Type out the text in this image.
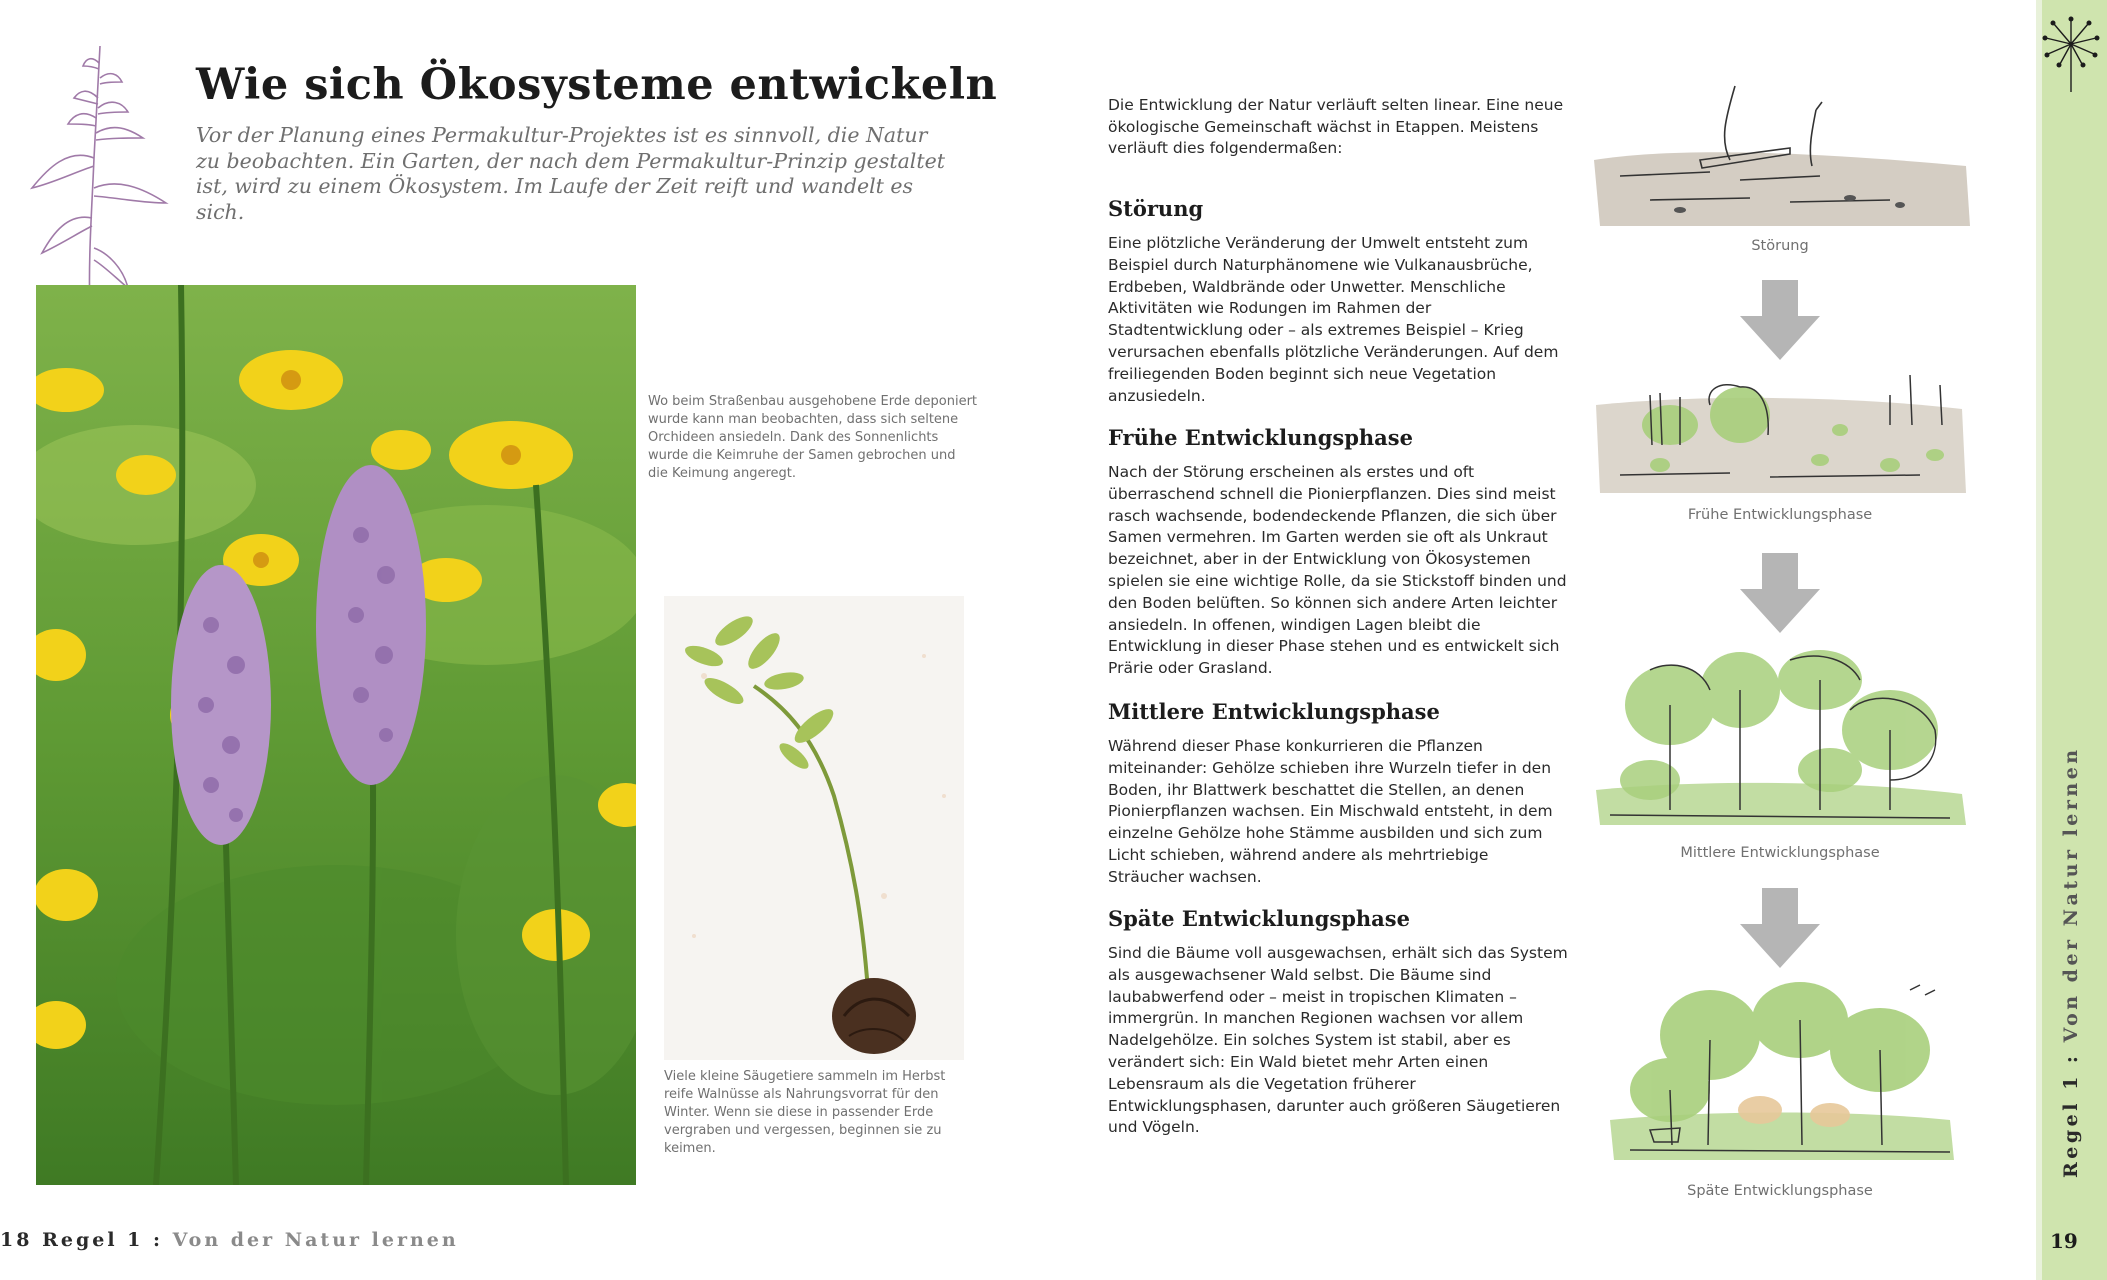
Wie sich Ökosysteme entwickeln
Vor der Planung eines Permakultur-Projektes ist es sinnvoll, die Natur zu beobachten. Ein Garten, der nach dem Permakultur-Prinzip gestaltet ist, wird zu einem Ökosystem. Im Laufe der Zeit reift und wandelt es sich.
Wo beim Straßenbau ausgehobene Erde deponiert wurde kann man beobachten, dass sich seltene Orchideen ansiedeln. Dank des Sonnenlichts wurde die Keimruhe der Samen gebrochen und die Keimung angeregt.
Viele kleine Säugetiere sammeln im Herbst reife Walnüsse als Nahrungsvorrat für den Winter. Wenn sie diese in passender Erde vergraben und vergessen, beginnen sie zu keimen.
18 Regel 1 : Von der Natur lernen
Die Entwicklung der Natur verläuft selten linear. Eine neue ökologische Gemeinschaft wächst in Etappen. Meistens verläuft dies folgendermaßen:
Störung
Eine plötzliche Veränderung der Umwelt entsteht zum Beispiel durch Naturphänomene wie Vulkanausbrüche, Erdbeben, Waldbrände oder Unwetter. Menschliche Aktivitäten wie Rodungen im Rahmen der Stadtentwicklung oder – als extremes Beispiel – Krieg verursachen ebenfalls plötzliche Veränderungen. Auf dem freiliegenden Boden beginnt sich neue Vegetation anzusiedeln.
Frühe Entwicklungsphase
Nach der Störung erscheinen als erstes und oft überraschend schnell die Pionierpflanzen. Dies sind meist rasch wachsende, bodendeckende Pflanzen, die sich über Samen vermehren. Im Garten werden sie oft als Unkraut bezeichnet, aber in der Entwicklung von Ökosystemen spielen sie eine wichtige Rolle, da sie Stickstoff binden und den Boden belüften. So können sich andere Arten leichter ansiedeln. In offenen, windigen Lagen bleibt die Entwicklung in dieser Phase stehen und es entwickelt sich Prärie oder Grasland.
Mittlere Entwicklungsphase
Während dieser Phase konkurrieren die Pflanzen miteinander: Gehölze schieben ihre Wurzeln tiefer in den Boden, ihr Blattwerk beschattet die Stellen, an denen Pionierpflanzen wachsen. Ein Mischwald entsteht, in dem einzelne Gehölze hohe Stämme ausbilden und sich zum Licht schieben, während andere als mehrtriebige Sträucher wachsen.
Späte Entwicklungsphase
Sind die Bäume voll ausgewachsen, erhält sich das System als ausgewachsener Wald selbst. Die Bäume sind laubabwerfend oder – meist in tropischen Klimaten – immergrün. In manchen Regionen wachsen vor allem Nadelgehölze. Ein solches System ist stabil, aber es verändert sich: Ein Wald bietet mehr Arten einen Lebensraum als die Vegetation früherer Entwicklungsphasen, darunter auch größeren Säugetieren und Vögeln.
Störung
Frühe Entwicklungsphase
Mittlere Entwicklungsphase
Späte Entwicklungsphase
Regel 1 : Von der Natur lernen
19
